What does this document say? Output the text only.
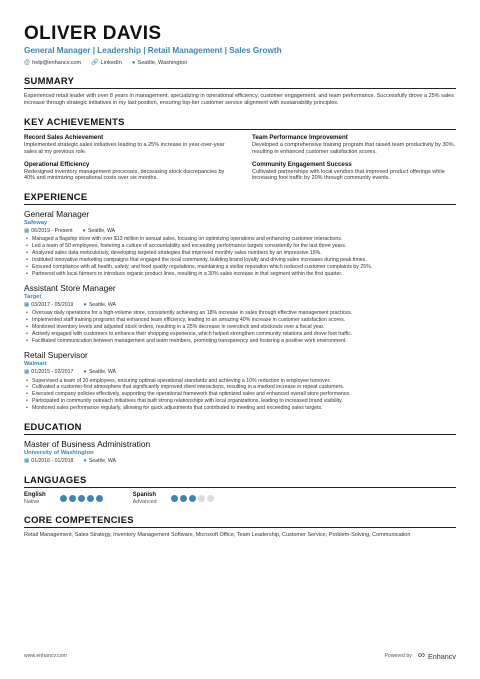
OLIVER DAVIS
General Manager | Leadership | Retail Management | Sales Growth
@ help@enhancv.com 🔗 LinkedIn ● Seattle, Washington
SUMMARY
Experienced retail leader with over 8 years in management, specializing in operational efficiency, customer engagement, and team performance. Successfully drove a 25% sales increase through strategic initiatives in my last position, ensuring top-tier customer service alignment with sustainability principles.
KEY ACHIEVEMENTS
Record Sales Achievement
Implemented strategic sales initiatives leading to a 25% increase in year-over-year sales at my previous role.
Team Performance Improvement
Developed a comprehensive training program that raised team productivity by 30%, resulting in enhanced customer satisfaction scores.
Operational Efficiency
Redesigned inventory management processes, decreasing stock discrepancies by 40% and minimizing operational costs over six months.
Community Engagement Success
Cultivated partnerships with local vendors that improved product offerings while increasing foot traffic by 20% through community events.
EXPERIENCE
General Manager
Safeway
▦ 06/2019 - Present ● Seattle, WA
• Managed a flagship store with over $13 million in annual sales, focusing on optimizing operations and enhancing customer interactions.
• Led a team of 50 employees, fostering a culture of accountability and exceeding performance targets consistently for the last three years.
• Analyzed sales data meticulously, developing targeted strategies that improved monthly sales numbers by an impressive 15%.
• Instituted innovative marketing campaigns that engaged the local community, building brand loyalty and driving sales increases during peak times.
• Ensured compliance with all health, safety, and food quality regulations, maintaining a stellar reputation which reduced customer complaints by 25%.
• Partnered with local farmers to introduce organic product lines, resulting in a 30% sales increase in that segment within the first quarter.
Assistant Store Manager
Target
▦ 03/2017 - 05/2019 ● Seattle, WA
• Oversaw daily operations for a high-volume store, consistently achieving an 18% increase in sales through effective management practices.
• Implemented staff training programs that enhanced team efficiency, leading to an amazing 40% increase in customer satisfaction scores.
• Monitored inventory levels and adjusted stock orders, resulting in a 25% decrease in overstock and stockouts over a fiscal year.
• Actively engaged with customers to enhance their shopping experience, which helped strengthen community relations and drove foot traffic.
• Facilitated communication between management and team members, promoting transparency and fostering a positive work environment.
Retail Supervisor
Walmart
▦ 01/2015 - 02/2017 ● Seattle, WA
• Supervised a team of 20 employees, ensuring optimal operational standards and achieving a 10% reduction in employee turnover.
• Cultivated a customer-first atmosphere that significantly improved client interactions, resulting in a marked increase in repeat customers.
• Executed company policies effectively, supporting the operational framework that optimized sales and enhanced overall store performance.
• Participated in community outreach initiatives that built strong relationships with local organizations, leading to increased brand visibility.
• Monitored sales performance regularly, allowing for quick adjustments that contributed to meeting and exceeding sales targets.
EDUCATION
Master of Business Administration
University of Washington
▦ 01/2016 - 01/2018 ● Seattle, WA
LANGUAGES
English
Native
Spanish
Advanced
CORE COMPETENCIES
Retail Management, Sales Strategy, Inventory Management Software, Microsoft Office, Team Leadership, Customer Service, Problem-Solving, Communication
www.enhancv.com	Powered by ∞ Enhancv
